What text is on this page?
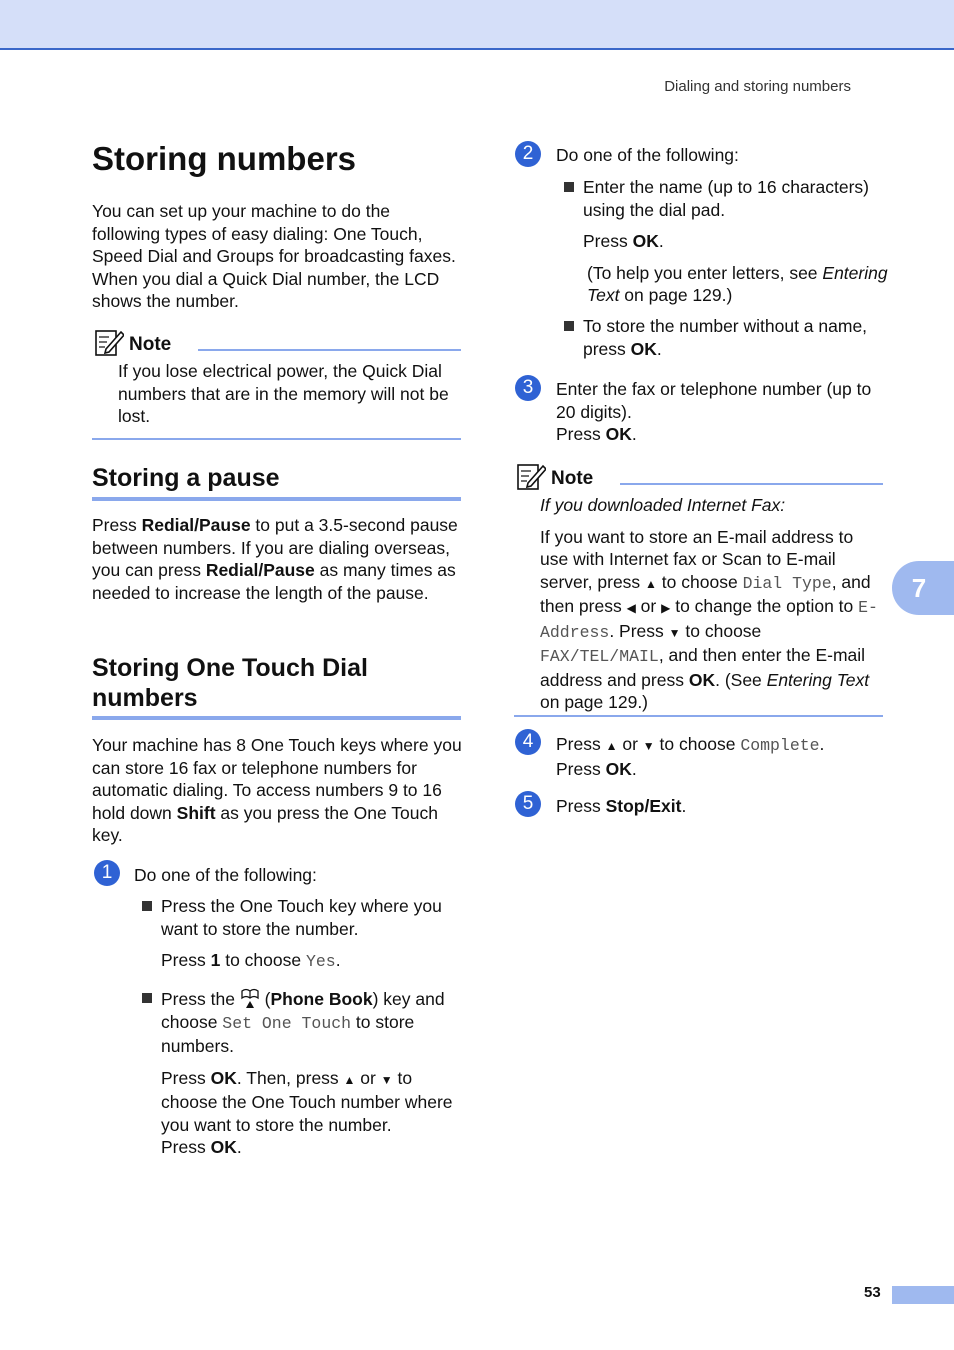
Dialing and storing numbers
7
Storing numbers

You can set up your machine to do the following types of easy dialing: One Touch, Speed Dial and Groups for broadcasting faxes. When you dial a Quick Dial number, the LCD shows the number.

Note

If you lose electrical power, the Quick Dial numbers that are in the memory will not be lost.

Storing a pause

Press Redial/Pause to put a 3.5-second pause between numbers. If you are dialing overseas, you can press Redial/Pause as many times as needed to increase the length of the pause.

Storing One Touch Dial
numbers

Your machine has 8 One Touch keys where you can store 16 fax or telephone numbers for automatic dialing. To access numbers 9 to 16 hold down Shift as you press the One Touch key.

1	Do one of the following:

Press the One Touch key where you want to store the number.

Press 1 to choose Yes.

Press the  (Phone Book) key and choose Set One Touch to store numbers.

Press OK. Then, press ▲ or ▼ to choose the One Touch number where you want to store the number.

Press OK.

2	Do one of the following:

Enter the name (up to 16 characters) using the dial pad.

Press OK.

(To help you enter letters, see Entering Text on page 129.)

To store the number without a name, press OK.

3	Enter the fax or telephone number (up to 20 digits).

Press OK.

Note

If you downloaded Internet Fax:

If you want to store an E-mail address to use with Internet fax or Scan to E-mail server, press ▲ to choose Dial Type, and then press ◀ or ▶ to change the option to E-Address. Press ▼ to choose FAX/TEL/MAIL, and then enter the E-mail address and press OK. (See Entering Text on page 129.)

4	Press ▲ or ▼ to choose Complete.

Press OK.

5	Press Stop/Exit.

53
